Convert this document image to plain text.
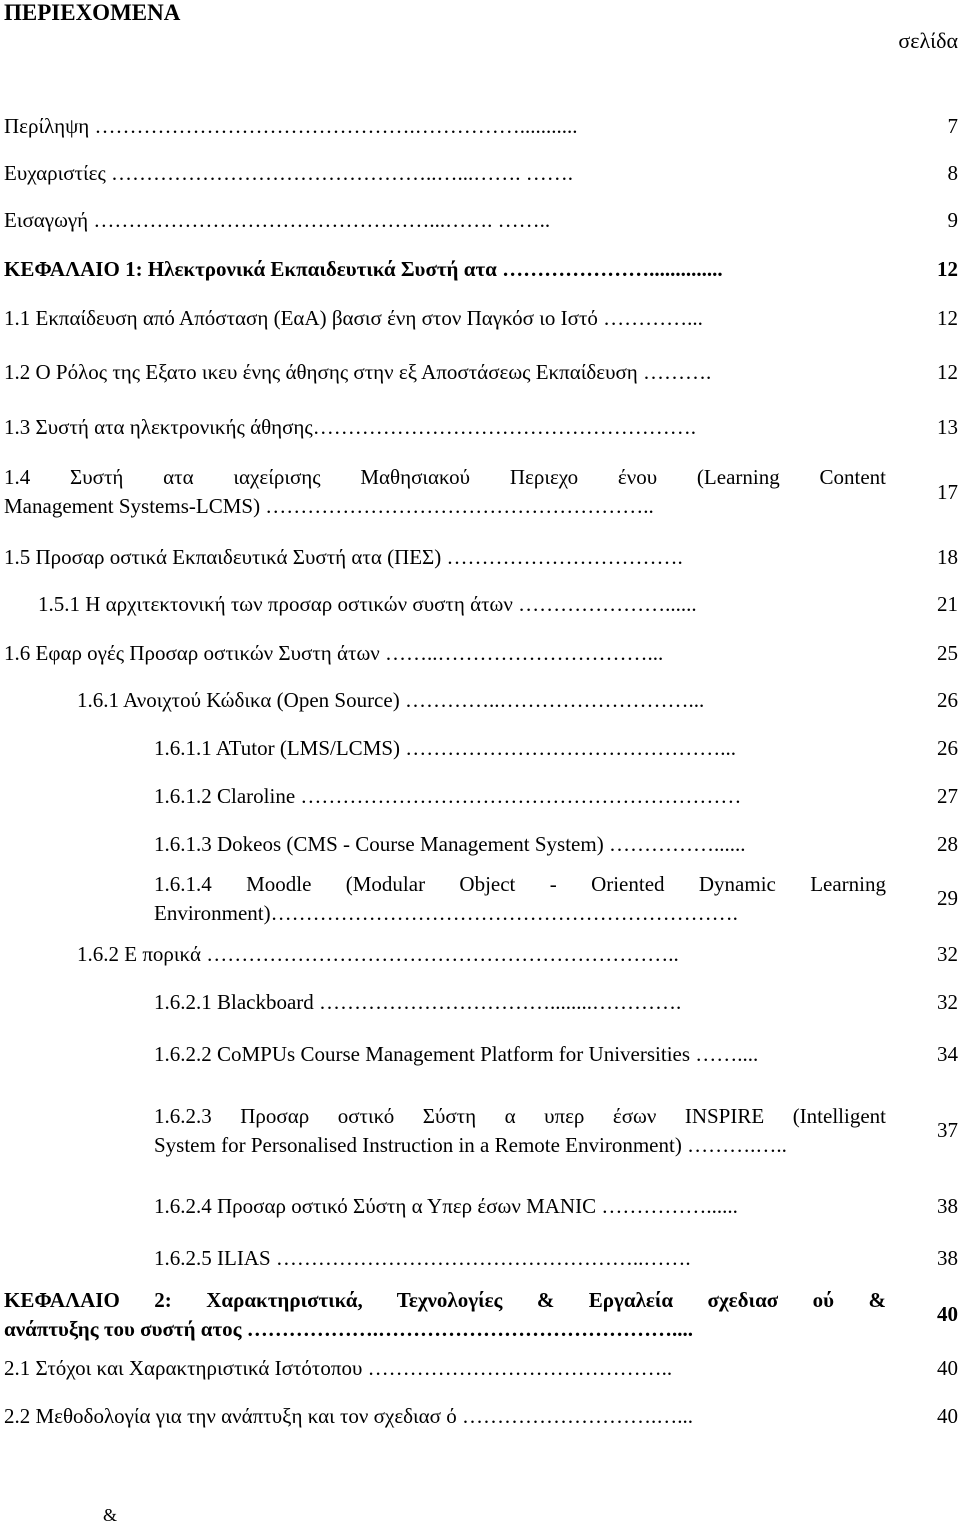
ΠΕΡΙΕΧΟΜΕΝΑ
σελίδα
Περίληψη ……………………………………….……………...........	7
Ευχαριστίες ………………………………………..…...……. …….	8
Εισαγωγή …………………………………………...……. ……..	9
ΚΕΦΑΛΑΙΟ 1: Ηλεκτρονικά Εκπαιδευτικά Συστή ατα …………………..............	12
1.1 Εκπαίδευση από Απόσταση (ΕαΑ) βασισ ένη στον Παγκόσ ιο Ιστό …………...	12
1.2 Ο Ρόλος της Εξατο ικευ ένης άθησης στην εξ Αποστάσεως Εκπαίδευση ……….	12
1.3 Συστή ατα ηλεκτρονικής άθησης……………………………………………….	13
1.4 Συστή ατα ιαχείρισης Μαθησιακού Περιεχο ένου (Learning Content
Management Systems-LCMS) ………………………………………………..
17
1.5 Προσαρ οστικά Εκπαιδευτικά Συστή ατα (ΠΕΣ) …………………………….	18
1.5.1 Η αρχιτεκτονική των προσαρ οστικών συστη άτων …………………......	21
1.6 Εφαρ ογές Προσαρ οστικών Συστη άτων ……..…………………………...	25
1.6.1 Ανοιχτού Κώδικα (Open Source) …………..………………………...	26
1.6.1.1 ATutor (LMS/LCMS) ………………………………………...	26
1.6.1.2 Claroline ………………………………………………………	27
1.6.1.3 Dokeos (CMS - Course Management System) ……………......	28
1.6.1.4 Moodle (Modular Object - Oriented Dynamic Learning
Environment)………………………………………………………….
29
1.6.2 Ε πορικά …………………………………………………………..	32
1.6.2.1 Blackboard ……………………………........………….	32
1.6.2.2 CoMPUs Course Management Platform for Universities ……....	34
1.6.2.3 Προσαρ οστικό Σύστη α υπερ έσων INSPIRE (Intelligent
System for Personalised Instruction in a Remote Environment) ……….…..
37
1.6.2.4 Προσαρ οστικό Σύστη α Υπερ έσων MANIC ……………......	38
1.6.2.5 ILIAS ……………………………………………..…….	38
ΚΕΦΑΛΑΙΟ 2: Χαρακτηριστικά, Τεχνολογίες & Εργαλεία σχεδιασ ού &
ανάπτυξης του συστή ατος ……………….……………………………………....
40
2.1 Στόχοι και Χαρακτηριστικά Ιστότοπου ……………………………………..	40
2.2 Μεθοδολογία για την ανάπτυξη και τον σχεδιασ ό ……………………….…...	40
&
